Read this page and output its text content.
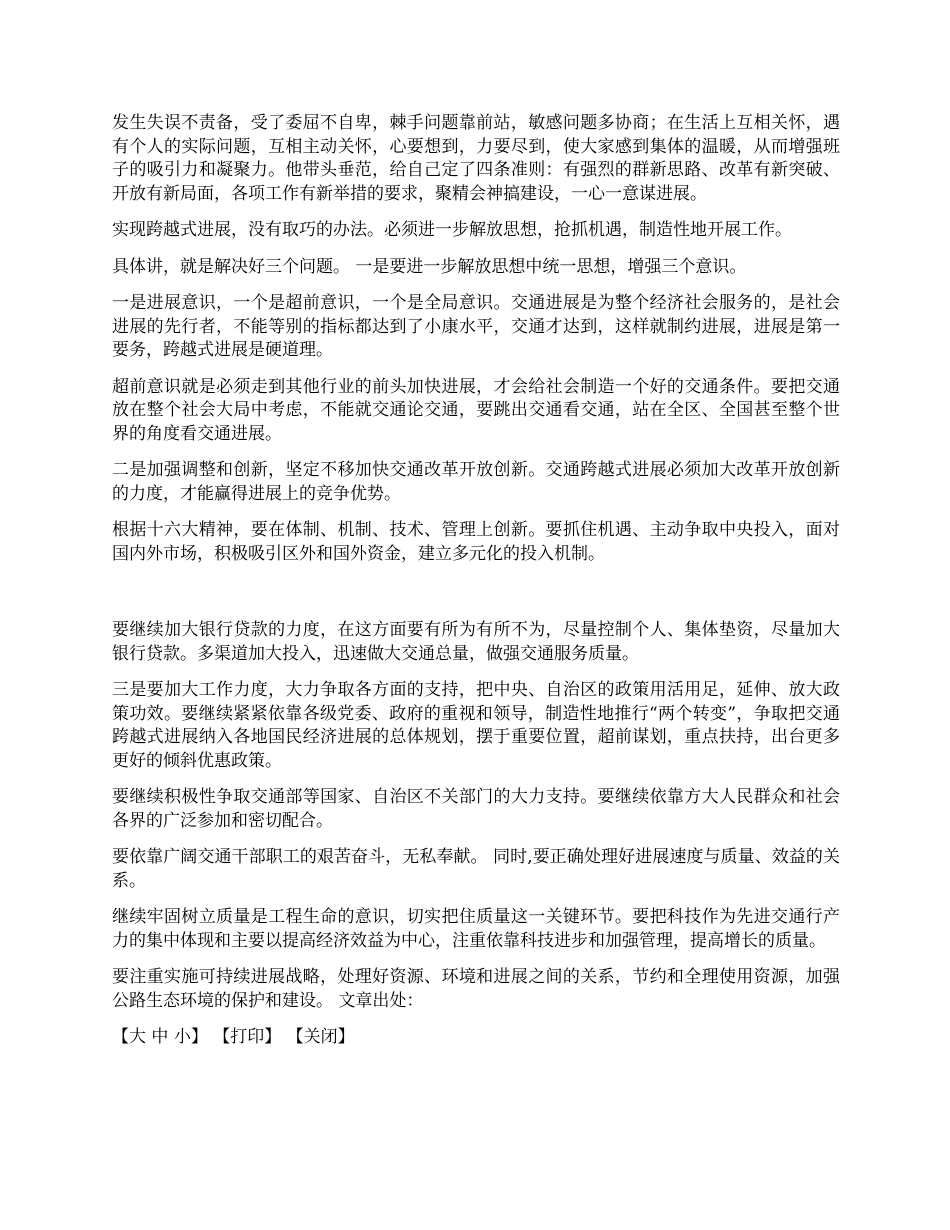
发生失误不责备，受了委屈不自卑，棘手问题靠前站，敏感问题多协商；在生活上互相关怀，遇有个人的实际问题，互相主动关怀，心要想到，力要尽到，使大家感到集体的温暖，从而增强班子的吸引力和凝聚力。他带头垂范，给自己定了四条准则：有强烈的群新思路、改革有新突破、开放有新局面，各项工作有新举措的要求，聚精会神搞建设，一心一意谋进展。

实现跨越式进展，没有取巧的办法。必须进一步解放思想，抢抓机遇，制造性地开展工作。

具体讲，就是解决好三个问题。 一是要进一步解放思想中统一思想，增强三个意识。

一是进展意识，一个是超前意识，一个是全局意识。交通进展是为整个经济社会服务的，是社会进展的先行者，不能等别的指标都达到了小康水平，交通才达到，这样就制约进展，进展是第一要务，跨越式进展是硬道理。

超前意识就是必须走到其他行业的前头加快进展，才会给社会制造一个好的交通条件。要把交通放在整个社会大局中考虑，不能就交通论交通，要跳出交通看交通，站在全区、全国甚至整个世界的角度看交通进展。

二是加强调整和创新，坚定不移加快交通改革开放创新。交通跨越式进展必须加大改革开放创新的力度，才能赢得进展上的竞争优势。

根据十六大精神，要在体制、机制、技术、管理上创新。要抓住机遇、主动争取中央投入，面对国内外市场，积极吸引区外和国外资金，建立多元化的投入机制。

要继续加大银行贷款的力度，在这方面要有所为有所不为，尽量控制个人、集体垫资，尽量加大银行贷款。多渠道加大投入，迅速做大交通总量，做强交通服务质量。

三是要加大工作力度，大力争取各方面的支持，把中央、自治区的政策用活用足，延伸、放大政策功效。要继续紧紧依靠各级党委、政府的重视和领导，制造性地推行“两个转变”，争取把交通跨越式进展纳入各地国民经济进展的总体规划，摆于重要位置，超前谋划，重点扶持，出台更多更好的倾斜优惠政策。

要继续积极性争取交通部等国家、自治区不关部门的大力支持。要继续依靠方大人民群众和社会各界的广泛参加和密切配合。

要依靠广阔交通干部职工的艰苦奋斗，无私奉献。 同时,要正确处理好进展速度与质量、效益的关系。

继续牢固树立质量是工程生命的意识，切实把住质量这一关键环节。要把科技作为先进交通行产力的集中体现和主要以提高经济效益为中心，注重依靠科技进步和加强管理，提高增长的质量。

要注重实施可持续进展战略，处理好资源、环境和进展之间的关系，节约和全理使用资源，加强公路生态环境的保护和建设。 文章出处：

【大 中 小】 【打印】 【关闭】
